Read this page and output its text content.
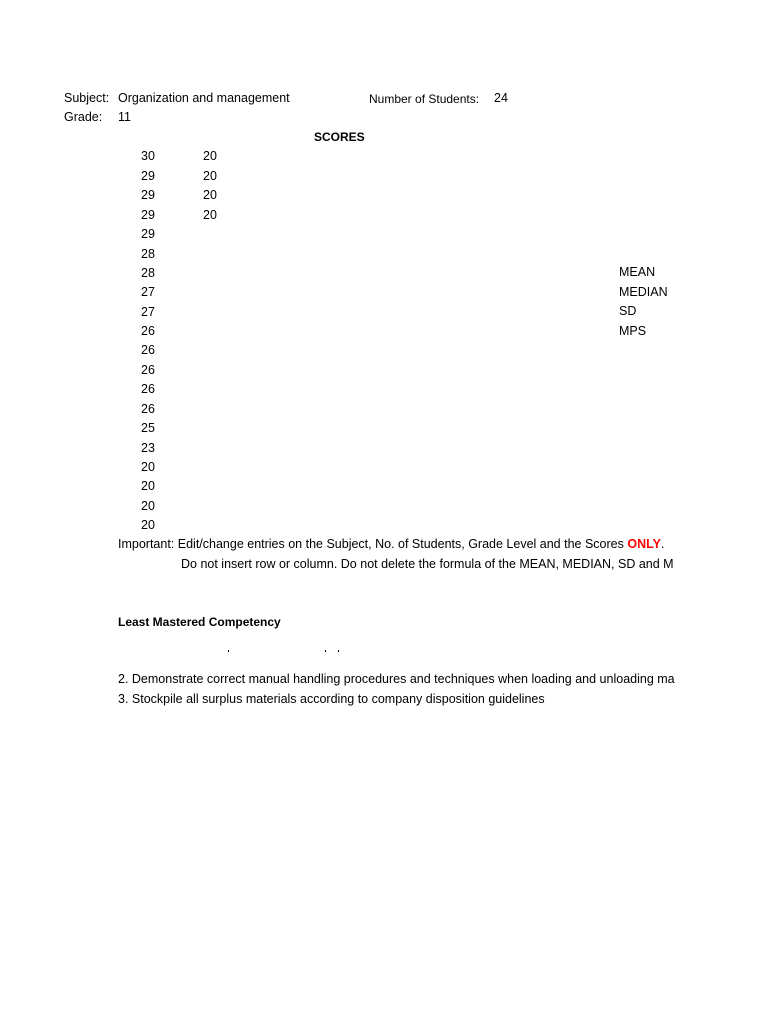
Subject: Organization and management	Number of Students: 24
Grade: 11
SCORES
30
29
29
29
29
28
28
27
27
26
26
26
26
26
25
23
20
20
20
20
20
20
20
20
MEAN
MEDIAN
SD
MPS
Important: Edit/change entries on the Subject, No. of Students, Grade Level and the Scores ONLY.
Do not insert row or column. Do not delete the formula of the MEAN, MEDIAN, SD and M
Least Mastered Competency
2. Demonstrate correct manual handling procedures and techniques when loading and unloading ma
3. Stockpile all surplus materials according to company disposition guidelines
